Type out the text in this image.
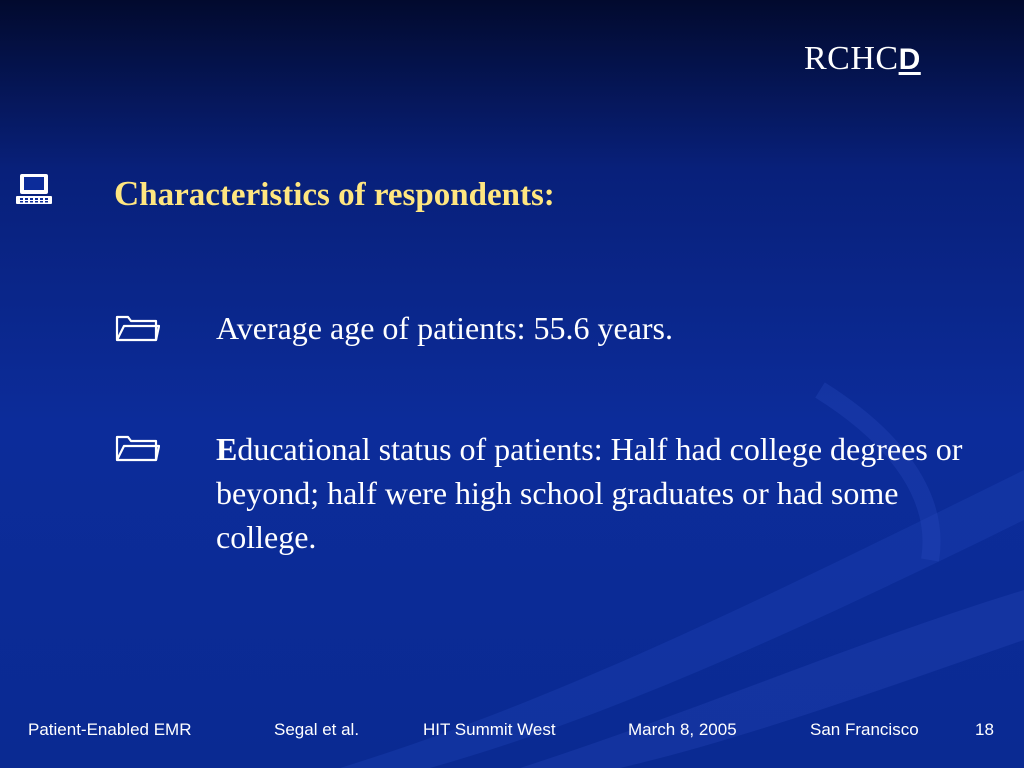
RCHCD
Characteristics of respondents:

Average age of patients: 55.6 years.

Educational status of patients: Half had college degrees or beyond; half were high school graduates or had some college.

Patient-Enabled EMR	Segal et al.	HIT Summit West	March 8, 2005	San Francisco	18
